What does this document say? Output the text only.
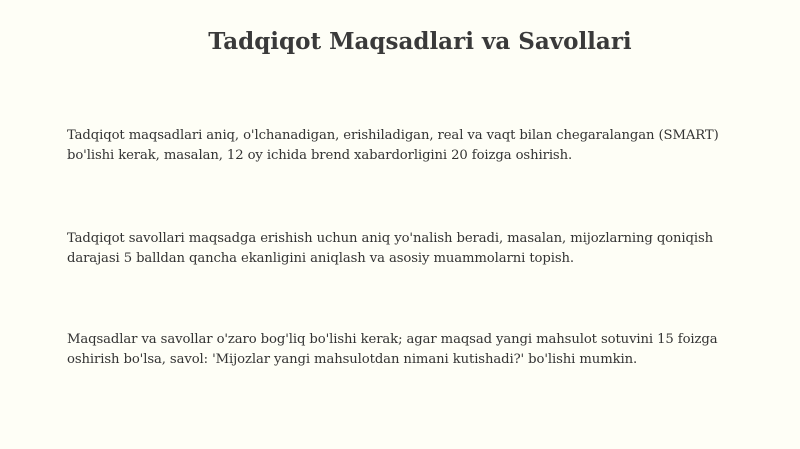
Tadqiqot Maqsadlari va Savollari

Tadqiqot maqsadlari aniq, o'lchanadigan, erishiladigan, real va vaqt bilan chegaralangan (SMART) bo'lishi kerak, masalan, 12 oy ichida brend xabardorligini 20 foizga oshirish.

Tadqiqot savollari maqsadga erishish uchun aniq yo'nalish beradi, masalan, mijozlarning qoniqish darajasi 5 balldan qancha ekanligini aniqlash va asosiy muammolarni topish.

Maqsadlar va savollar o'zaro bog'liq bo'lishi kerak; agar maqsad yangi mahsulot sotuvini 15 foizga oshirish bo'lsa, savol: 'Mijozlar yangi mahsulotdan nimani kutishadi?' bo'lishi mumkin.
